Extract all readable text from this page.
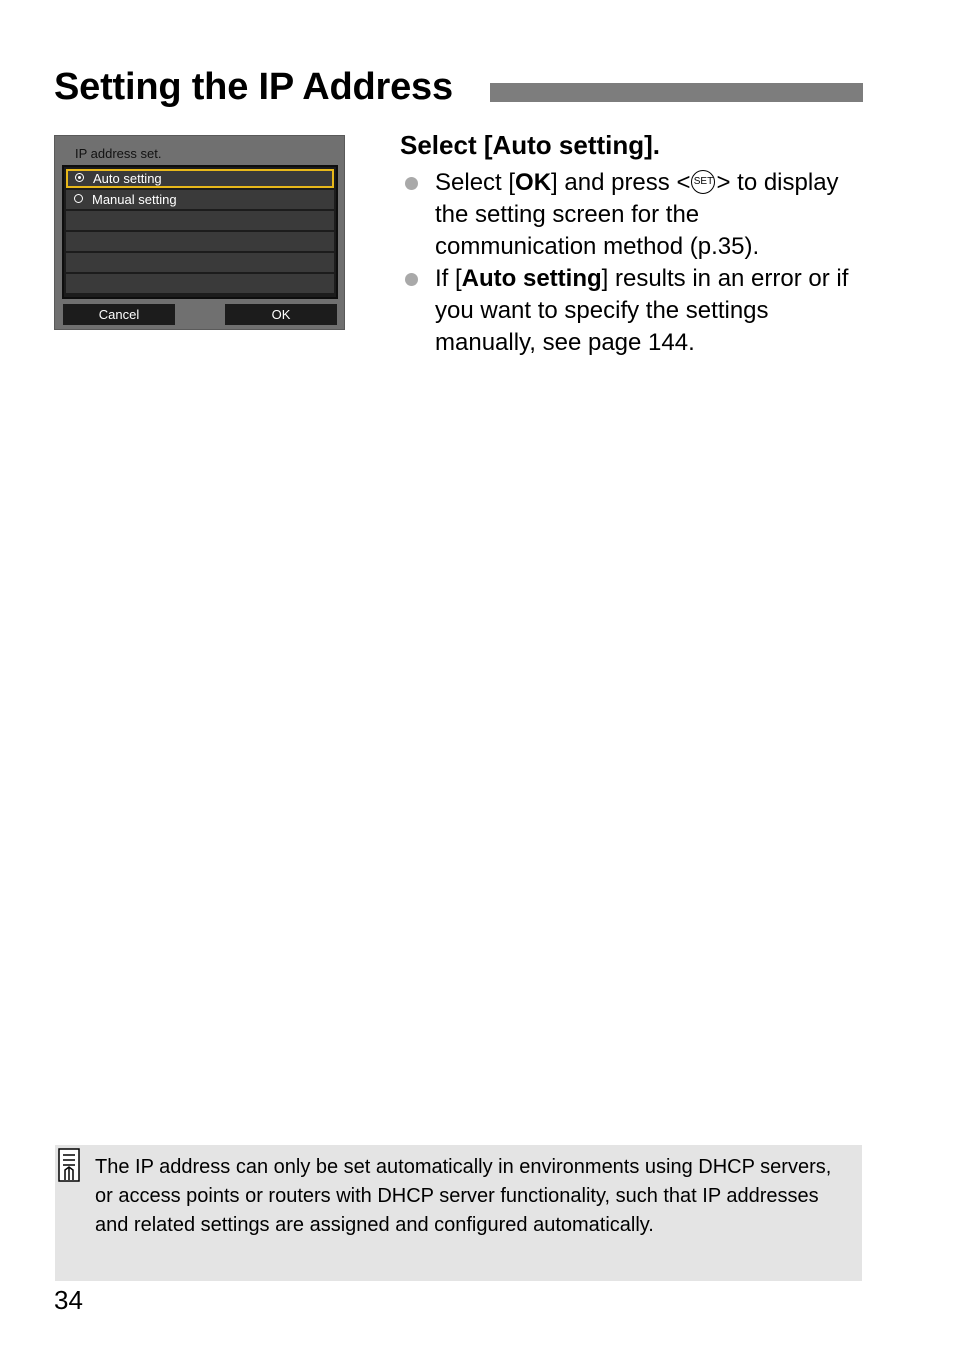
Setting the IP Address
IP address set.
Auto setting
Manual setting
Cancel	OK
Select [Auto setting].
Select [OK] and press < SET > to display the setting screen for the communication method (p.35).
If [Auto setting] results in an error or if you want to specify the settings manually, see page 144.
The IP address can only be set automatically in environments using DHCP servers, or access points or routers with DHCP server functionality, such that IP addresses and related settings are assigned and configured automatically.
34
